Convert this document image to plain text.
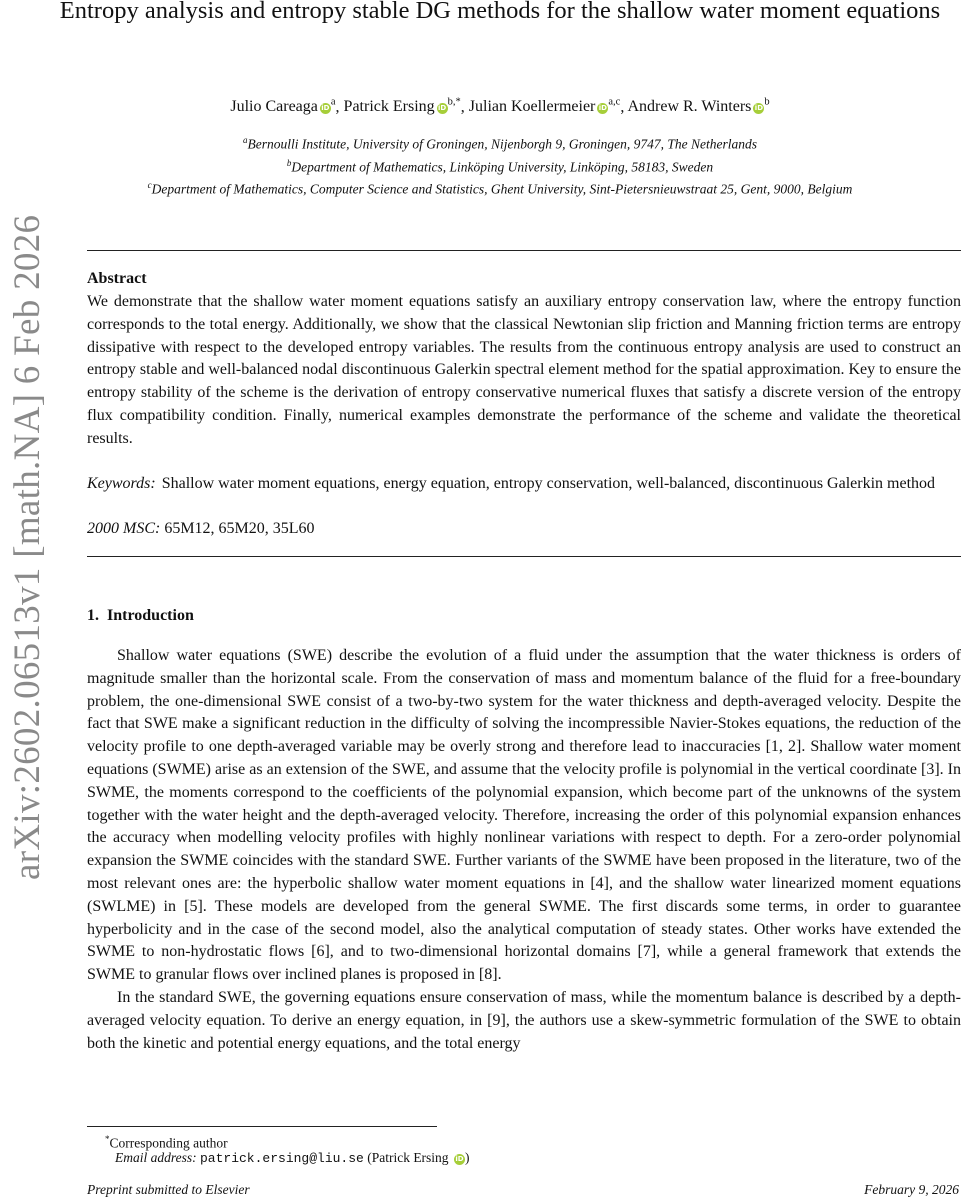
arXiv:2602.06513v1 [math.NA] 6 Feb 2026
Entropy analysis and entropy stable DG methods for the shallow water moment equations
Julio Careaga $iD^a$, Patrick Ersing $iD^{b,*}$, Julian Koellermeier iD$^{a,c}$, Andrew R. Winters $iD^b$
$^a$Bernoulli Institute, University of Groningen, Nijenborgh 9, Groningen, 9747, The Netherlands
$^b$Department of Mathematics, Linköping University, Linköping, 58183, Sweden
$^c$Department of Mathematics, Computer Science and Statistics, Ghent University, Sint-Pietersnieuwstraat 25, Gent, 9000, Belgium
Abstract
We demonstrate that the shallow water moment equations satisfy an auxiliary entropy conservation law, where the entropy function corresponds to the total energy. Additionally, we show that the classical Newtonian slip friction and Manning friction terms are entropy dissipative with respect to the developed entropy variables. The results from the continuous entropy analysis are used to construct an entropy stable and well-balanced nodal discontinuous Galerkin spectral element method for the spatial approximation. Key to ensure the entropy stability of the scheme is the derivation of entropy conservative numerical fluxes that satisfy a discrete version of the entropy flux compatibility condition. Finally, numerical examples demonstrate the performance of the scheme and validate the theoretical results.
Keywords: Shallow water moment equations, energy equation, entropy conservation, well-balanced, discontinuous Galerkin method
2000 MSC: 65M12, 65M20, 35L60
1. Introduction

Shallow water equations (SWE) describe the evolution of a fluid under the assumption that the water thickness is orders of magnitude smaller than the horizontal scale. From the conservation of mass and momentum balance of the fluid for a free-boundary problem, the one-dimensional SWE consist of a two-by-two system for the water thickness and depth-averaged velocity. Despite the fact that SWE make a significant reduction in the difficulty of solving the incompressible Navier-Stokes equations, the reduction of the velocity profile to one depth-averaged variable may be overly strong and therefore lead to inaccuracies [1, 2]. Shallow water moment equations (SWME) arise as an extension of the SWE, and assume that the velocity profile is polynomial in the vertical coordinate [3]. In SWME, the moments correspond to the coefficients of the polynomial expansion, which become part of the unknowns of the system together with the water height and the depth-averaged velocity. Therefore, increasing the order of this polynomial expansion enhances the accuracy when modelling velocity profiles with highly nonlinear variations with respect to depth. For a zero-order polynomial expansion the SWME coincides with the standard SWE. Further variants of the SWME have been proposed in the literature, two of the most relevant ones are: the hyperbolic shallow water moment equations in [4], and the shallow water linearized moment equations (SWLME) in [5]. These models are developed from the general SWME. The first discards some terms, in order to guarantee hyperbolicity and in the case of the second model, also the analytical computation of steady states. Other works have extended the SWME to non-hydrostatic flows [6], and to two-dimensional horizontal domains [7], while a general framework that extends the SWME to granular flows over inclined planes is proposed in [8].

In the standard SWE, the governing equations ensure conservation of mass, while the momentum balance is described by a depth-averaged velocity equation. To derive an energy equation, in [9], the authors use a skew-symmetric formulation of the SWE to obtain both the kinetic and potential energy equations, and the total energy

*Corresponding author
Email address: patrick.ersing@liu.se (Patrick Ersing iD)
Preprint submitted to Elsevier	February 9, 2026
